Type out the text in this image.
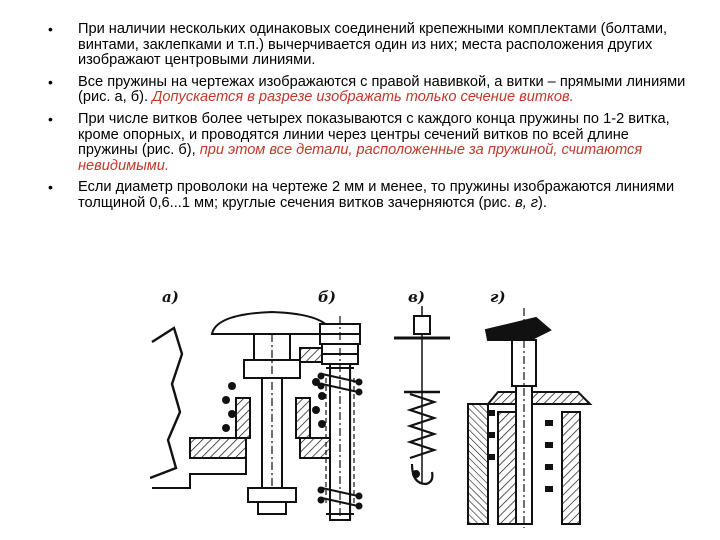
•	При наличии нескольких одинаковых соединений крепежными комплектами (болтами, винтами, заклепками и т.п.) вычерчивается один из них; места расположения других изображают центровыми линиями.
•	Все пружины на чертежах изображаются с правой навивкой, а витки – прямыми линиями (рис. а, б). Допускается в разрезе изображать только сечение витков.
•	При числе витков более четырех показываются с каждого конца пружины по 1-2 витка, кроме опорных, и проводятся линии через центры сечений витков по всей длине пружины (рис. б), при этом все детали, расположенные за пружиной, считаются невидимыми.
•	Если диаметр проволоки на чертеже 2 мм и менее, то пружины изображаются линиями толщиной 0,6...1 мм; круглые сечения витков зачерняются (рис. в, г).
а)	б)	в)	г)
